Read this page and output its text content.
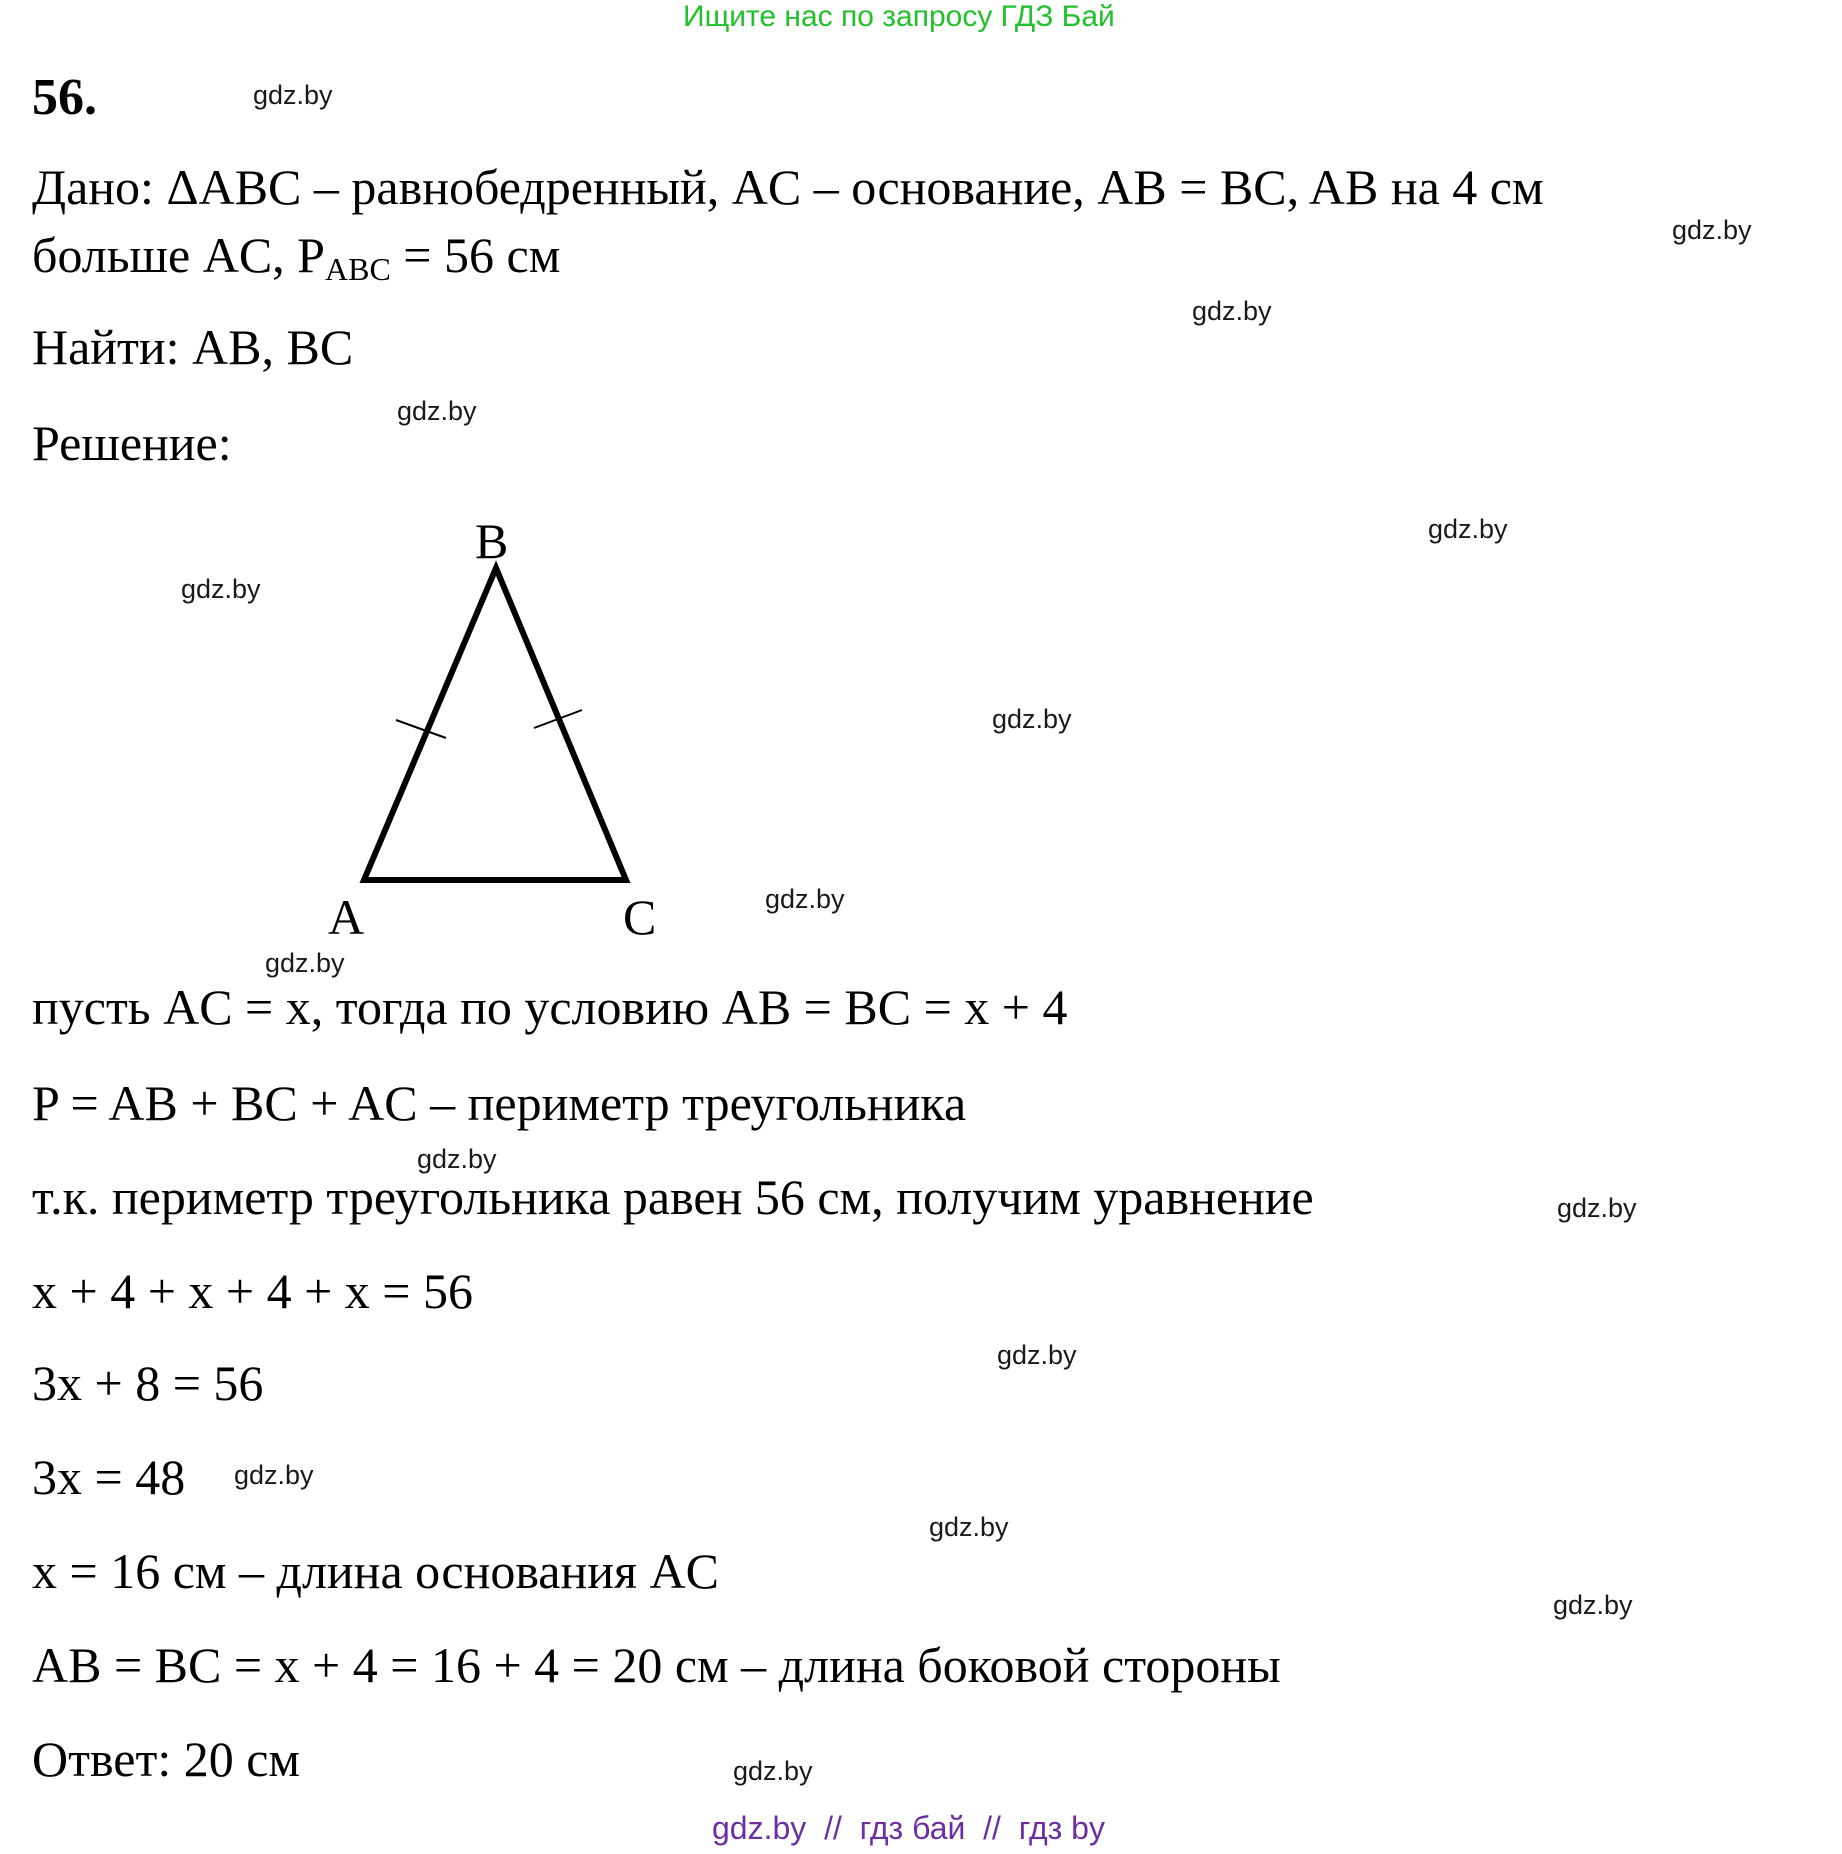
Ищите нас по запросу ГДЗ Бай
56.
Дано: ΔABC – равнобедренный, AC – основание, AB = BC, AB на 4 см
больше AC, $P_{ABC} = 56$ см
Найти: AB, BC
Решение:
B
A	C
пусть AC = x, тогда по условию AB = BC = x + 4
P = AB + BC + AC – периметр треугольника
т.к. периметр треугольника равен 56 см, получим уравнение
x + 4 + x + 4 + x = 56
3x + 8 = 56
3x = 48
x = 16 см – длина основания AC
AB = BC = x + 4 = 16 + 4 = 20 см – длина боковой стороны
Ответ: 20 см
gdz.by
gdz.by
gdz.by
gdz.by
gdz.by
gdz.by
gdz.by
gdz.by
gdz.by
gdz.by
gdz.by
gdz.by
gdz.by
gdz.by
gdz.by
gdz.by
gdz.by  //  гдз бай  //  гдз by
